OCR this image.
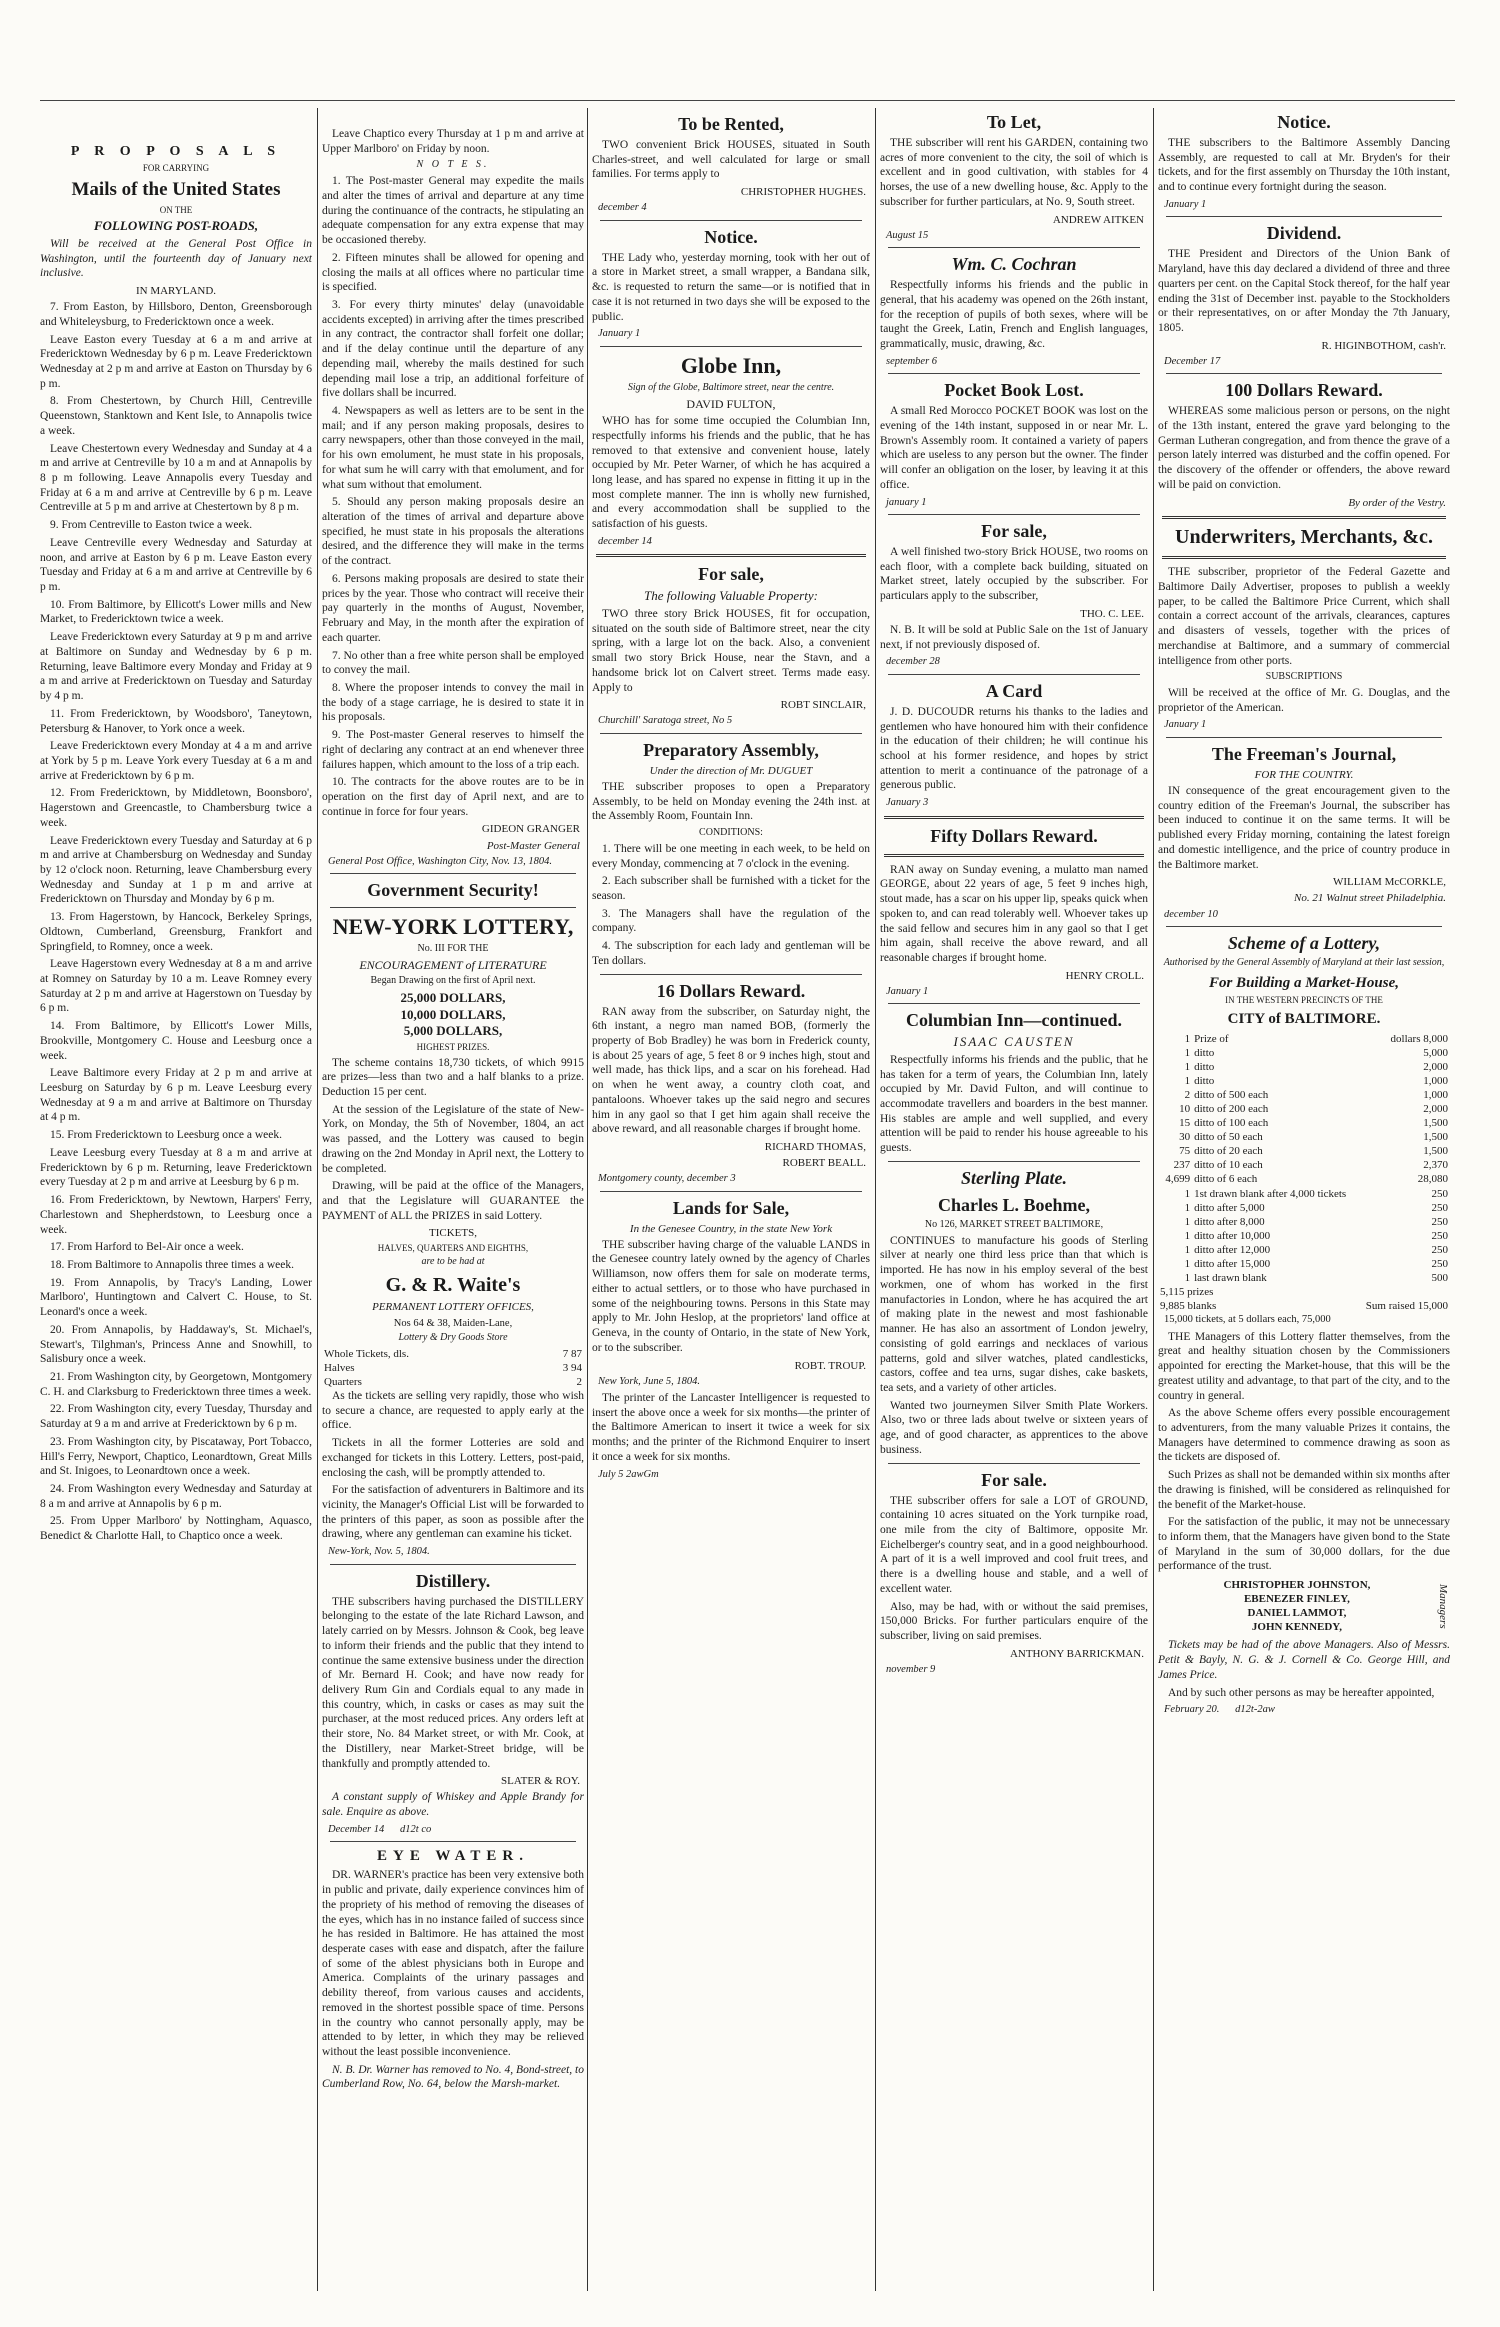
P R O P O S A L S
FOR CARRYING
Mails of the United States
ON THE
FOLLOWING POST-ROADS,

Will be received at the General Post Office in Washington, until the fourteenth day of January next inclusive.

IN MARYLAND.

7. From Easton, by Hillsboro, Denton, Greensborough and Whiteleysburg, to Fredericktown once a week.

Leave Easton every Tuesday at 6 a m and arrive at Fredericktown Wednesday by 6 p m. Leave Fredericktown Wednesday at 2 p m and arrive at Easton on Thursday by 6 p m.

8. From Chestertown, by Church Hill, Centreville Queenstown, Stanktown and Kent Isle, to Annapolis twice a week.

Leave Chestertown every Wednesday and Sunday at 4 a m and arrive at Centreville by 10 a m and at Annapolis by 8 p m following. Leave Annapolis every Tuesday and Friday at 6 a m and arrive at Centreville by 6 p m. Leave Centreville at 5 p m and arrive at Chestertown by 8 p m.

9. From Centreville to Easton twice a week.

Leave Centreville every Wednesday and Saturday at noon, and arrive at Easton by 6 p m. Leave Easton every Tuesday and Friday at 6 a m and arrive at Centreville by 6 p m.

10. From Baltimore, by Ellicott's Lower mills and New Market, to Fredericktown twice a week.

Leave Fredericktown every Saturday at 9 p m and arrive at Baltimore on Sunday and Wednesday by 6 p m. Returning, leave Baltimore every Monday and Friday at 9 a m and arrive at Fredericktown on Tuesday and Saturday by 4 p m.

11. From Fredericktown, by Woodsboro', Taneytown, Petersburg & Hanover, to York once a week.

Leave Fredericktown every Monday at 4 a m and arrive at York by 5 p m. Leave York every Tuesday at 6 a m and arrive at Fredericktown by 6 p m.

12. From Fredericktown, by Middletown, Boonsboro', Hagerstown and Greencastle, to Chambersburg twice a week.

Leave Fredericktown every Tuesday and Saturday at 6 p m and arrive at Chambersburg on Wednesday and Sunday by 12 o'clock noon. Returning, leave Chambersburg every Wednesday and Sunday at 1 p m and arrive at Fredericktown on Thursday and Monday by 6 p m.

13. From Hagerstown, by Hancock, Berkeley Springs, Oldtown, Cumberland, Greensburg, Frankfort and Springfield, to Romney, once a week.

Leave Hagerstown every Wednesday at 8 a m and arrive at Romney on Saturday by 10 a m. Leave Romney every Saturday at 2 p m and arrive at Hagerstown on Tuesday by 6 p m.

14. From Baltimore, by Ellicott's Lower Mills, Brookville, Montgomery C. House and Leesburg once a week.

Leave Baltimore every Friday at 2 p m and arrive at Leesburg on Saturday by 6 p m. Leave Leesburg every Wednesday at 9 a m and arrive at Baltimore on Thursday at 4 p m.

15. From Fredericktown to Leesburg once a week.

Leave Leesburg every Tuesday at 8 a m and arrive at Fredericktown by 6 p m. Returning, leave Fredericktown every Tuesday at 2 p m and arrive at Leesburg by 6 p m.

16. From Fredericktown, by Newtown, Harpers' Ferry, Charlestown and Shepherdstown, to Leesburg once a week.

17. From Harford to Bel-Air once a week.

18. From Baltimore to Annapolis three times a week.

19. From Annapolis, by Tracy's Landing, Lower Marlboro', Huntingtown and Calvert C. House, to St. Leonard's once a week.

20. From Annapolis, by Haddaway's, St. Michael's, Stewart's, Tilghman's, Princess Anne and Snowhill, to Salisbury once a week.

21. From Washington city, by Georgetown, Montgomery C. H. and Clarksburg to Fredericktown three times a week.

22. From Washington city, every Tuesday, Thursday and Saturday at 9 a m and arrive at Fredericktown by 6 p m.

23. From Washington city, by Piscataway, Port Tobacco, Hill's Ferry, Newport, Chaptico, Leonardtown, Great Mills and St. Inigoes, to Leonardtown once a week.

24. From Washington every Wednesday and Saturday at 8 a m and arrive at Annapolis by 6 p m.

25. From Upper Marlboro' by Nottingham, Aquasco, Benedict & Charlotte Hall, to Chaptico once a week.

Leave Chaptico every Thursday at 1 p m and arrive at Upper Marlboro' on Friday by noon.

N O T E S.

1. The Post-master General may expedite the mails and alter the times of arrival and departure at any time during the continuance of the contracts, he stipulating an adequate compensation for any extra expense that may be occasioned thereby.

2. Fifteen minutes shall be allowed for opening and closing the mails at all offices where no particular time is specified.

3. For every thirty minutes' delay (unavoidable accidents excepted) in arriving after the times prescribed in any contract, the contractor shall forfeit one dollar; and if the delay continue until the departure of any depending mail, whereby the mails destined for such depending mail lose a trip, an additional forfeiture of five dollars shall be incurred.

4. Newspapers as well as letters are to be sent in the mail; and if any person making proposals, desires to carry newspapers, other than those conveyed in the mail, for his own emolument, he must state in his proposals, for what sum he will carry with that emolument, and for what sum without that emolument.

5. Should any person making proposals desire an alteration of the times of arrival and departure above specified, he must state in his proposals the alterations desired, and the difference they will make in the terms of the contract.

6. Persons making proposals are desired to state their prices by the year. Those who contract will receive their pay quarterly in the months of August, November, February and May, in the month after the expiration of each quarter.

7. No other than a free white person shall be employed to convey the mail.

8. Where the proposer intends to convey the mail in the body of a stage carriage, he is desired to state it in his proposals.

9. The Post-master General reserves to himself the right of declaring any contract at an end whenever three failures happen, which amount to the loss of a trip each.

10. The contracts for the above routes are to be in operation on the first day of April next, and are to continue in force for four years.

GIDEON GRANGER
Post-Master General
General Post Office, Washington City, Nov. 13, 1804.
Government Security!
NEW-YORK LOTTERY,
No. III FOR THE
ENCOURAGEMENT of LITERATURE
Began Drawing on the first of April next.
25,000 DOLLARS,
10,000 DOLLARS,
5,000 DOLLARS,
HIGHEST PRIZES.

The scheme contains 18,730 tickets, of which 9915 are prizes—less than two and a half blanks to a prize. Deduction 15 per cent.

At the session of the Legislature of the state of New-York, on Monday, the 5th of November, 1804, an act was passed, and the Lottery was caused to begin drawing on the 2nd Monday in April next, the Lottery to be completed.

Drawing, will be paid at the office of the Managers, and that the Legislature will GUARANTEE the PAYMENT of ALL the PRIZES in said Lottery.

TICKETS,
HALVES, QUARTERS AND EIGHTHS,
are to be had at
G. & R. Waite's
PERMANENT LOTTERY OFFICES,
Nos 64 & 38, Maiden-Lane,
Lottery & Dry Goods Store
Whole Tickets, dls.	7 87
Halves	3 94
Quarters	2

As the tickets are selling very rapidly, those who wish to secure a chance, are requested to apply early at the office.

Tickets in all the former Lotteries are sold and exchanged for tickets in this Lottery. Letters, post-paid, enclosing the cash, will be promptly attended to.

For the satisfaction of adventurers in Baltimore and its vicinity, the Manager's Official List will be forwarded to the printers of this paper, as soon as possible after the drawing, where any gentleman can examine his ticket.

New-York, Nov. 5, 1804.
Distillery.

THE subscribers having purchased the DISTILLERY belonging to the estate of the late Richard Lawson, and lately carried on by Messrs. Johnson & Cook, beg leave to inform their friends and the public that they intend to continue the same extensive business under the direction of Mr. Bernard H. Cook; and have now ready for delivery Rum Gin and Cordials equal to any made in this country, which, in casks or cases as may suit the purchaser, at the most reduced prices. Any orders left at their store, No. 84 Market street, or with Mr. Cook, at the Distillery, near Market-Street bridge, will be thankfully and promptly attended to.

SLATER & ROY.

A constant supply of Whiskey and Apple Brandy for sale. Enquire as above.

December 14 d12t co
EYE WATER.

DR. WARNER's practice has been very extensive both in public and private, daily experience convinces him of the propriety of his method of removing the diseases of the eyes, which has in no instance failed of success since he has resided in Baltimore. He has attained the most desperate cases with ease and dispatch, after the failure of some of the ablest physicians both in Europe and America. Complaints of the urinary passages and debility thereof, from various causes and accidents, removed in the shortest possible space of time. Persons in the country who cannot personally apply, may be attended to by letter, in which they may be relieved without the least possible inconvenience.

N. B. Dr. Warner has removed to No. 4, Bond-street, to Cumberland Row, No. 64, below the Marsh-market.

To be Rented,

TWO convenient Brick HOUSES, situated in South Charles-street, and well calculated for large or small families. For terms apply to

CHRISTOPHER HUGHES.
december 4
Notice.

THE Lady who, yesterday morning, took with her out of a store in Market street, a small wrapper, a Bandana silk, &c. is requested to return the same—or is notified that in case it is not returned in two days she will be exposed to the public.

January 1
Globe Inn,
Sign of the Globe, Baltimore street, near the centre.
DAVID FULTON,

WHO has for some time occupied the Columbian Inn, respectfully informs his friends and the public, that he has removed to that extensive and convenient house, lately occupied by Mr. Peter Warner, of which he has acquired a long lease, and has spared no expense in fitting it up in the most complete manner. The inn is wholly new furnished, and every accommodation shall be supplied to the satisfaction of his guests.

december 14
For sale,
The following Valuable Property:

TWO three story Brick HOUSES, fit for occupation, situated on the south side of Baltimore street, near the city spring, with a large lot on the back. Also, a convenient small two story Brick House, near the Stavn, and a handsome brick lot on Calvert street. Terms made easy. Apply to

ROBT SINCLAIR,
Churchill' Saratoga street, No 5
Preparatory Assembly,
Under the direction of Mr. DUGUET

THE subscriber proposes to open a Preparatory Assembly, to be held on Monday evening the 24th inst. at the Assembly Room, Fountain Inn.

CONDITIONS:

1. There will be one meeting in each week, to be held on every Monday, commencing at 7 o'clock in the evening.

2. Each subscriber shall be furnished with a ticket for the season.

3. The Managers shall have the regulation of the company.

4. The subscription for each lady and gentleman will be Ten dollars.

16 Dollars Reward.

RAN away from the subscriber, on Saturday night, the 6th instant, a negro man named BOB, (formerly the property of Bob Bradley) he was born in Frederick county, is about 25 years of age, 5 feet 8 or 9 inches high, stout and well made, has thick lips, and a scar on his forehead. Had on when he went away, a country cloth coat, and pantaloons. Whoever takes up the said negro and secures him in any gaol so that I get him again shall receive the above reward, and all reasonable charges if brought home.

RICHARD THOMAS,
ROBERT BEALL.
Montgomery county, december 3
Lands for Sale,
In the Genesee Country, in the state New York

THE subscriber having charge of the valuable LANDS in the Genesee country lately owned by the agency of Charles Williamson, now offers them for sale on moderate terms, either to actual settlers, or to those who have purchased in some of the neighbouring towns. Persons in this State may apply to Mr. John Heslop, at the proprietors' land office at Geneva, in the county of Ontario, in the state of New York, or to the subscriber.

ROBT. TROUP.
New York, June 5, 1804.

The printer of the Lancaster Intelligencer is requested to insert the above once a week for six months—the printer of the Baltimore American to insert it twice a week for six months; and the printer of the Richmond Enquirer to insert it once a week for six months.

July 5 2awGm
To Let,

THE subscriber will rent his GARDEN, containing two acres of more convenient to the city, the soil of which is excellent and in good cultivation, with stables for 4 horses, the use of a new dwelling house, &c. Apply to the subscriber for further particulars, at No. 9, South street.

ANDREW AITKEN
August 15
Wm. C. Cochran

Respectfully informs his friends and the public in general, that his academy was opened on the 26th instant, for the reception of pupils of both sexes, where will be taught the Greek, Latin, French and English languages, grammatically, music, drawing, &c.

september 6
Pocket Book Lost.

A small Red Morocco POCKET BOOK was lost on the evening of the 14th instant, supposed in or near Mr. L. Brown's Assembly room. It contained a variety of papers which are useless to any person but the owner. The finder will confer an obligation on the loser, by leaving it at this office.

january 1
For sale,

A well finished two-story Brick HOUSE, two rooms on each floor, with a complete back building, situated on Market street, lately occupied by the subscriber. For particulars apply to the subscriber,

THO. C. LEE.

N. B. It will be sold at Public Sale on the 1st of January next, if not previously disposed of.

december 28
A Card

J. D. DUCOUDR returns his thanks to the ladies and gentlemen who have honoured him with their confidence in the education of their children; he will continue his school at his former residence, and hopes by strict attention to merit a continuance of the patronage of a generous public.

January 3
Fifty Dollars Reward.

RAN away on Sunday evening, a mulatto man named GEORGE, about 22 years of age, 5 feet 9 inches high, stout made, has a scar on his upper lip, speaks quick when spoken to, and can read tolerably well. Whoever takes up the said fellow and secures him in any gaol so that I get him again, shall receive the above reward, and all reasonable charges if brought home.

HENRY CROLL.
January 1
Columbian Inn—continued.
ISAAC CAUSTEN

Respectfully informs his friends and the public, that he has taken for a term of years, the Columbian Inn, lately occupied by Mr. David Fulton, and will continue to accommodate travellers and boarders in the best manner. His stables are ample and well supplied, and every attention will be paid to render his house agreeable to his guests.

Sterling Plate.
Charles L. Boehme,
No 126, MARKET STREET BALTIMORE,

CONTINUES to manufacture his goods of Sterling silver at nearly one third less price than that which is imported. He has now in his employ several of the best workmen, one of whom has worked in the first manufactories in London, where he has acquired the art of making plate in the newest and most fashionable manner. He has also an assortment of London jewelry, consisting of gold earrings and necklaces of various patterns, gold and silver watches, plated candlesticks, castors, coffee and tea urns, sugar dishes, cake baskets, tea sets, and a variety of other articles.

Wanted two journeymen Silver Smith Plate Workers. Also, two or three lads about twelve or sixteen years of age, and of good character, as apprentices to the above business.

For sale.

THE subscriber offers for sale a LOT of GROUND, containing 10 acres situated on the York turnpike road, one mile from the city of Baltimore, opposite Mr. Eichelberger's country seat, and in a good neighbourhood. A part of it is a well improved and cool fruit trees, and there is a dwelling house and stable, and a well of excellent water.

Also, may be had, with or without the said premises, 150,000 Bricks. For further particulars enquire of the subscriber, living on said premises.

ANTHONY BARRICKMAN.
november 9
Notice.

THE subscribers to the Baltimore Assembly Dancing Assembly, are requested to call at Mr. Bryden's for their tickets, and for the first assembly on Thursday the 10th instant, and to continue every fortnight during the season.

January 1
Dividend.

THE President and Directors of the Union Bank of Maryland, have this day declared a dividend of three and three quarters per cent. on the Capital Stock thereof, for the half year ending the 31st of December inst. payable to the Stockholders or their representatives, on or after Monday the 7th January, 1805.

R. HIGINBOTHOM, cash'r.
December 17
100 Dollars Reward.

WHEREAS some malicious person or persons, on the night of the 13th instant, entered the grave yard belonging to the German Lutheran congregation, and from thence the grave of a person lately interred was disturbed and the coffin opened. For the discovery of the offender or offenders, the above reward will be paid on conviction.

By order of the Vestry.
Underwriters, Merchants, &c.

THE subscriber, proprietor of the Federal Gazette and Baltimore Daily Advertiser, proposes to publish a weekly paper, to be called the Baltimore Price Current, which shall contain a correct account of the arrivals, clearances, captures and disasters of vessels, together with the prices of merchandise at Baltimore, and a summary of commercial intelligence from other ports.

SUBSCRIPTIONS

Will be received at the office of Mr. G. Douglas, and the proprietor of the American.

January 1
The Freeman's Journal,
FOR THE COUNTRY.

IN consequence of the great encouragement given to the country edition of the Freeman's Journal, the subscriber has been induced to continue it on the same terms. It will be published every Friday morning, containing the latest foreign and domestic intelligence, and the price of country produce in the Baltimore market.

WILLIAM McCORKLE,
No. 21 Walnut street Philadelphia.
december 10
Scheme of a Lottery,
Authorised by the General Assembly of Maryland at their last session,
For Building a Market-House,
IN THE WESTERN PRECINCTS OF THE
CITY of BALTIMORE.
1	Prize of	dollars 8,000
1	ditto	5,000
1	ditto	2,000
1	ditto	1,000
2	ditto of 500 each	1,000
10	ditto of 200 each	2,000
15	ditto of 100 each	1,500
30	ditto of 50 each	1,500
75	ditto of 20 each	1,500
237	ditto of 10 each	2,370
4,699	ditto of 6 each	28,080
1	1st drawn blank after 4,000 tickets	250
1	ditto after 5,000	250
1	ditto after 8,000	250
1	ditto after 10,000	250
1	ditto after 12,000	250
1	ditto after 15,000	250
1	last drawn blank	500
5,115 prizes	
9,885 blanks	Sum raised 15,000
15,000 tickets, at 5 dollars each, 75,000

THE Managers of this Lottery flatter themselves, from the great and healthy situation chosen by the Commissioners appointed for erecting the Market-house, that this will be the greatest utility and advantage, to that part of the city, and to the country in general.

As the above Scheme offers every possible encouragement to adventurers, from the many valuable Prizes it contains, the Managers have determined to commence drawing as soon as the tickets are disposed of.

Such Prizes as shall not be demanded within six months after the drawing is finished, will be considered as relinquished for the benefit of the Market-house.

For the satisfaction of the public, it may not be unnecessary to inform them, that the Managers have given bond to the State of Maryland in the sum of 30,000 dollars, for the due performance of the trust.

CHRISTOPHER JOHNSTON,
EBENEZER FINLEY,
DANIEL LAMMOT,
JOHN KENNEDY,	Managers

Tickets may be had of the above Managers. Also of Messrs. Petit & Bayly, N. G. & J. Cornell & Co. George Hill, and James Price.

And by such other persons as may be hereafter appointed,

February 20. d12t-2aw
